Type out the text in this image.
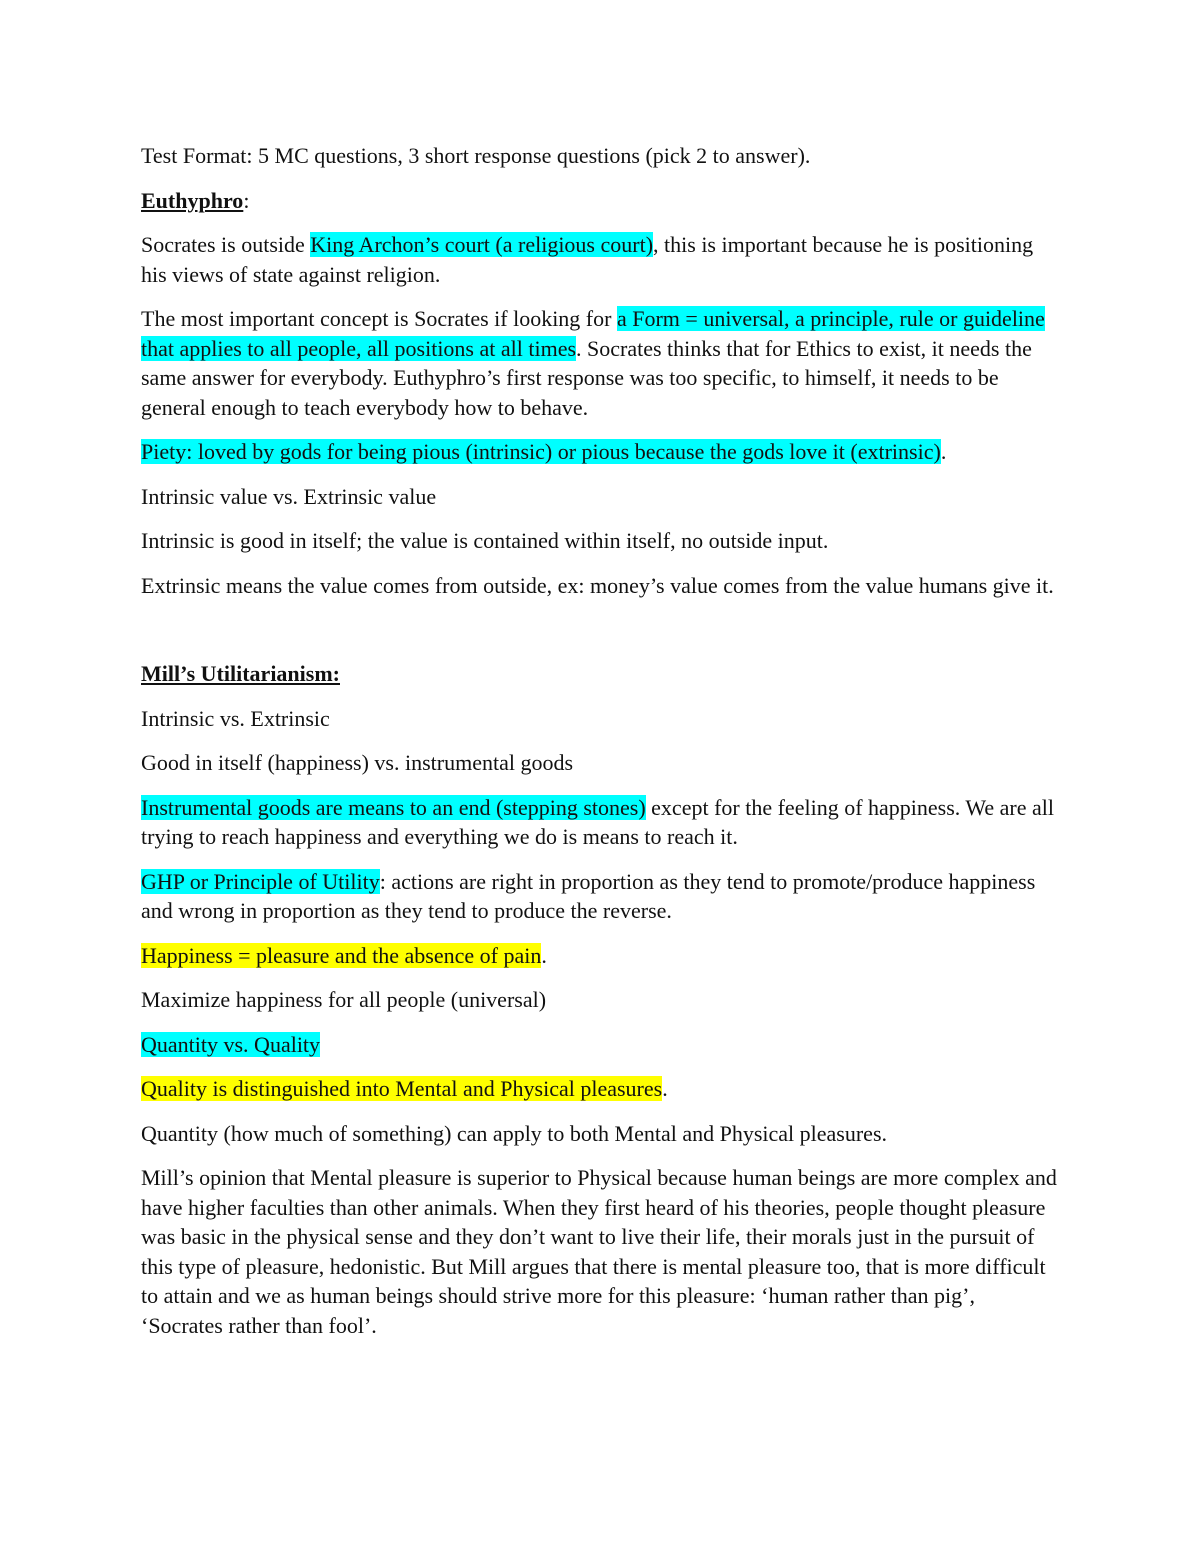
Test Format: 5 MC questions, 3 short response questions (pick 2 to answer).

Euthyphro:

Socrates is outside King Archon’s court (a religious court), this is important because he is positioning his views of state against religion.

The most important concept is Socrates if looking for a Form = universal, a principle, rule or guideline that applies to all people, all positions at all times. Socrates thinks that for Ethics to exist, it needs the same answer for everybody. Euthyphro’s first response was too specific, to himself, it needs to be general enough to teach everybody how to behave.

Piety: loved by gods for being pious (intrinsic) or pious because the gods love it (extrinsic).

Intrinsic value vs. Extrinsic value

Intrinsic is good in itself; the value is contained within itself, no outside input.

Extrinsic means the value comes from outside, ex: money’s value comes from the value humans give it.

Mill’s Utilitarianism:

Intrinsic vs. Extrinsic

Good in itself (happiness) vs. instrumental goods

Instrumental goods are means to an end (stepping stones) except for the feeling of happiness. We are all trying to reach happiness and everything we do is means to reach it.

GHP or Principle of Utility: actions are right in proportion as they tend to promote/produce happiness and wrong in proportion as they tend to produce the reverse.

Happiness = pleasure and the absence of pain.

Maximize happiness for all people (universal)

Quantity vs. Quality

Quality is distinguished into Mental and Physical pleasures.

Quantity (how much of something) can apply to both Mental and Physical pleasures.

Mill’s opinion that Mental pleasure is superior to Physical because human beings are more complex and have higher faculties than other animals. When they first heard of his theories, people thought pleasure was basic in the physical sense and they don’t want to live their life, their morals just in the pursuit of this type of pleasure, hedonistic. But Mill argues that there is mental pleasure too, that is more difficult to attain and we as human beings should strive more for this pleasure: ‘human rather than pig’, ‘Socrates rather than fool’.
